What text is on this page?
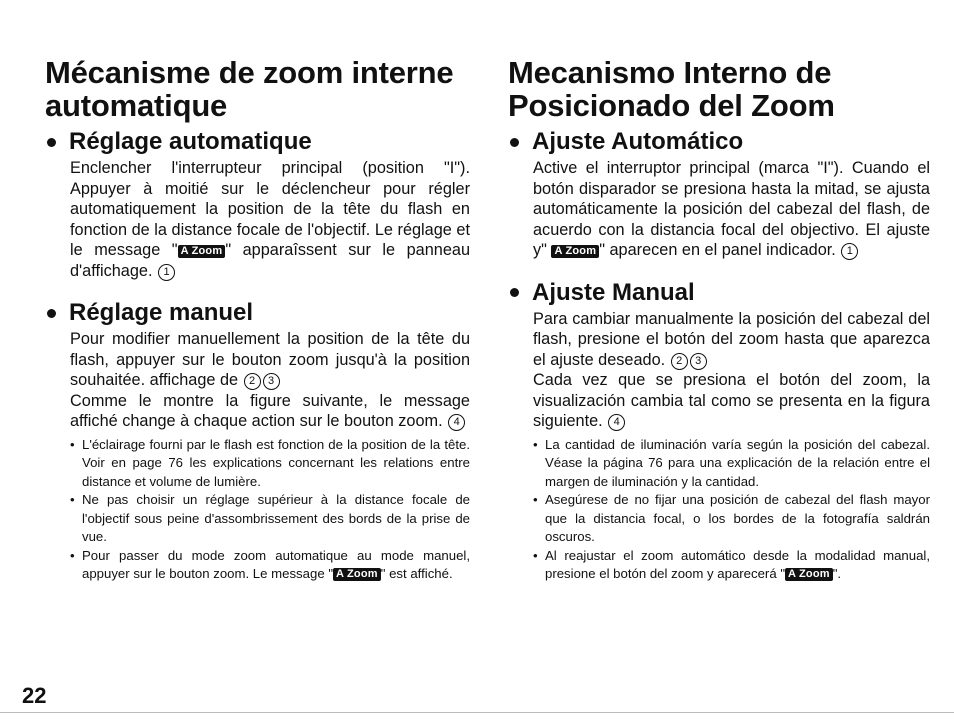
Mécanisme de zoom interne automatique
Réglage automatique
Enclencher l'interrupteur principal (position "I"). Appuyer à moitié sur le déclencheur pour régler automatiquement la position de la tête du flash en fonction de la distance focale de l'objectif. Le réglage et le message " A Zoom " apparaîssent sur le panneau d'affichage. 1
Réglage manuel
Pour modifier manuellement la position de la tête du flash, appuyer sur le bouton zoom jusqu'à la position souhaitée. affichage de 2 3
Comme le montre la figure suivante, le message affiché change à chaque action sur le bouton zoom. 4
• L'éclairage fourni par le flash est fonction de la position de la tête. Voir en page 76 les explications concernant les relations entre distance et volume de lumière.
• Ne pas choisir un réglage supérieur à la distance focale de l'objectif sous peine d'assombrissement des bords de la prise de vue.
• Pour passer du mode zoom automatique au mode manuel, appuyer sur le bouton zoom. Le message " A Zoom " est affiché.
Mecanismo Interno de Posicionado del Zoom
Ajuste Automático
Active el interruptor principal (marca "I"). Cuando el botón disparador se presiona hasta la mitad, se ajusta automáticamente la posición del cabezal del flash, de acuerdo con la distancia focal del objectivo. El ajuste y" A Zoom " aparecen en el panel indicador. 1
Ajuste Manual
Para cambiar manualmente la posición del cabezal del flash, presione el botón del zoom hasta que aparezca el ajuste deseado. 2 3
Cada vez que se presiona el botón del zoom, la visualización cambia tal como se presenta en la figura siguiente. 4
• La cantidad de iluminación varía según la posición del cabezal. Véase la página 76 para una explicación de la relación entre el margen de iluminación y la cantidad.
• Asegúrese de no fijar una posición de cabezal del flash mayor que la distancia focal, o los bordes de la fotografía saldrán oscuros.
• Al reajustar el zoom automático desde la modalidad manual, presione el botón del zoom y aparecerá " A Zoom ".
22
